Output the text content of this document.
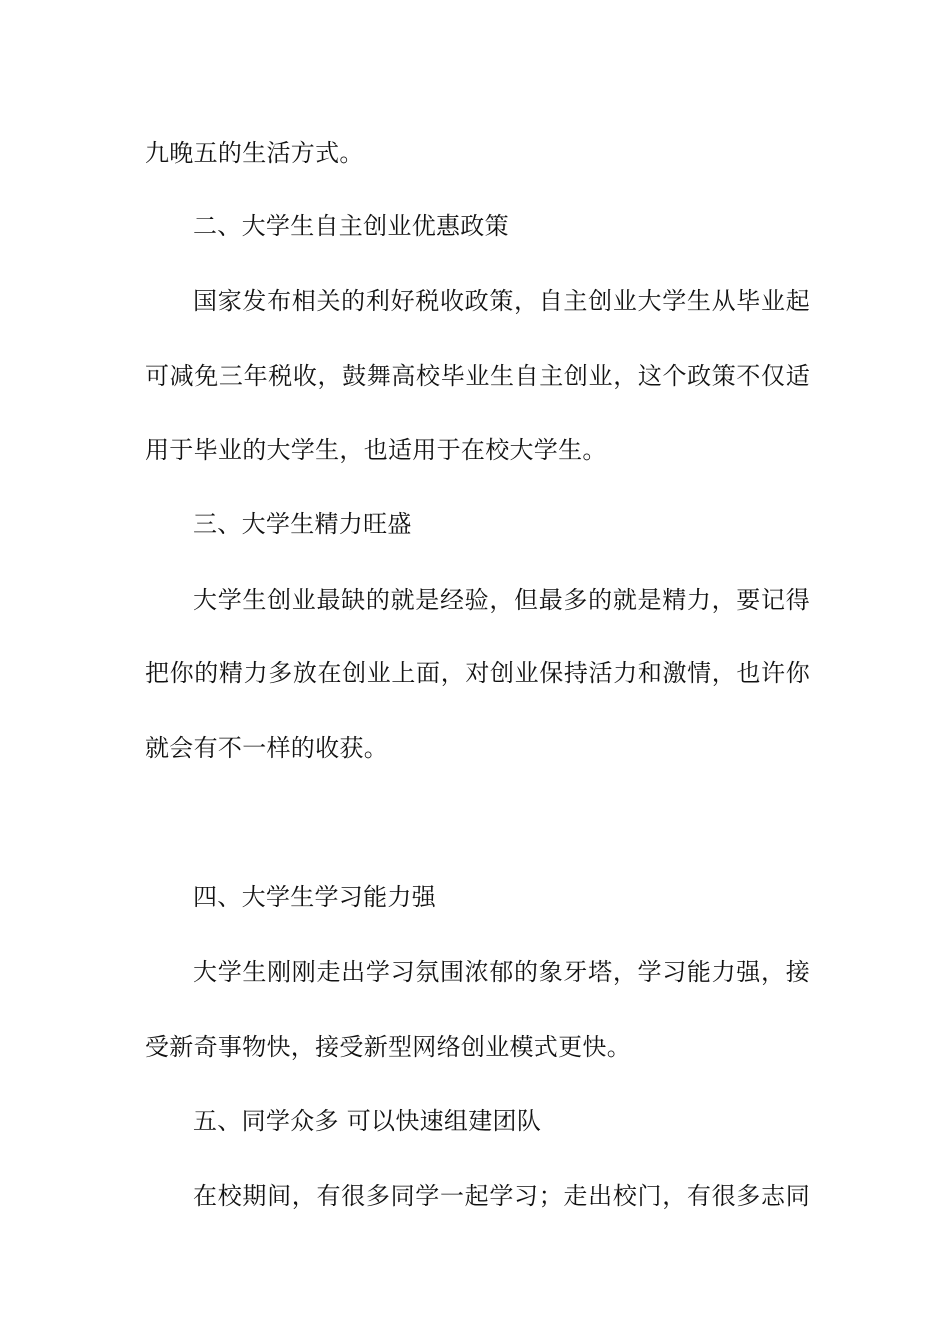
九晚五的生活方式。
二、大学生自主创业优惠政策
国家发布相关的利好税收政策，自主创业大学生从毕业起
可减免三年税收，鼓舞高校毕业生自主创业，这个政策不仅适
用于毕业的大学生，也适用于在校大学生。
三、大学生精力旺盛
大学生创业最缺的就是经验，但最多的就是精力，要记得
把你的精力多放在创业上面，对创业保持活力和激情，也许你
就会有不一样的收获。
四、大学生学习能力强
大学生刚刚走出学习氛围浓郁的象牙塔，学习能力强，接
受新奇事物快，接受新型网络创业模式更快。
五、同学众多 可以快速组建团队
在校期间，有很多同学一起学习；走出校门，有很多志同
